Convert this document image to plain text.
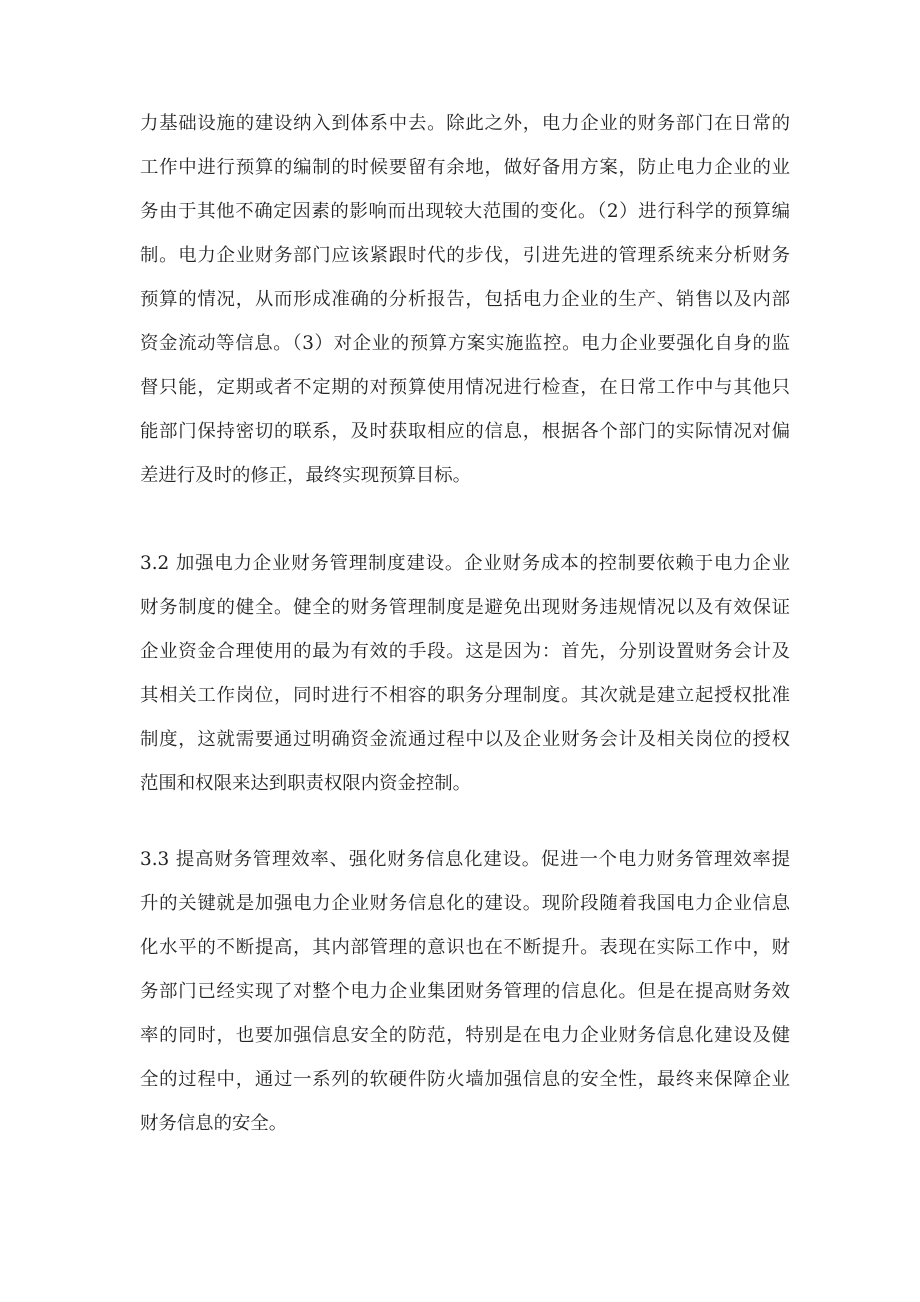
力基础设施的建设纳入到体系中去。除此之外，电力企业的财务部门在日常的
工作中进行预算的编制的时候要留有余地，做好备用方案，防止电力企业的业
务由于其他不确定因素的影响而出现较大范围的变化。（2）进行科学的预算编
制。电力企业财务部门应该紧跟时代的步伐，引进先进的管理系统来分析财务
预算的情况，从而形成准确的分析报告，包括电力企业的生产、销售以及内部
资金流动等信息。（3）对企业的预算方案实施监控。电力企业要强化自身的监
督只能，定期或者不定期的对预算使用情况进行检查，在日常工作中与其他只
能部门保持密切的联系，及时获取相应的信息，根据各个部门的实际情况对偏
差进行及时的修正，最终实现预算目标。
3.2 加强电力企业财务管理制度建设。企业财务成本的控制要依赖于电力企业
财务制度的健全。健全的财务管理制度是避免出现财务违规情况以及有效保证
企业资金合理使用的最为有效的手段。这是因为：首先，分别设置财务会计及
其相关工作岗位，同时进行不相容的职务分理制度。其次就是建立起授权批准
制度，这就需要通过明确资金流通过程中以及企业财务会计及相关岗位的授权
范围和权限来达到职责权限内资金控制。
3.3 提高财务管理效率、强化财务信息化建设。促进一个电力财务管理效率提
升的关键就是加强电力企业财务信息化的建设。现阶段随着我国电力企业信息
化水平的不断提高，其内部管理的意识也在不断提升。表现在实际工作中，财
务部门已经实现了对整个电力企业集团财务管理的信息化。但是在提高财务效
率的同时，也要加强信息安全的防范，特别是在电力企业财务信息化建设及健
全的过程中，通过一系列的软硬件防火墙加强信息的安全性，最终来保障企业
财务信息的安全。
